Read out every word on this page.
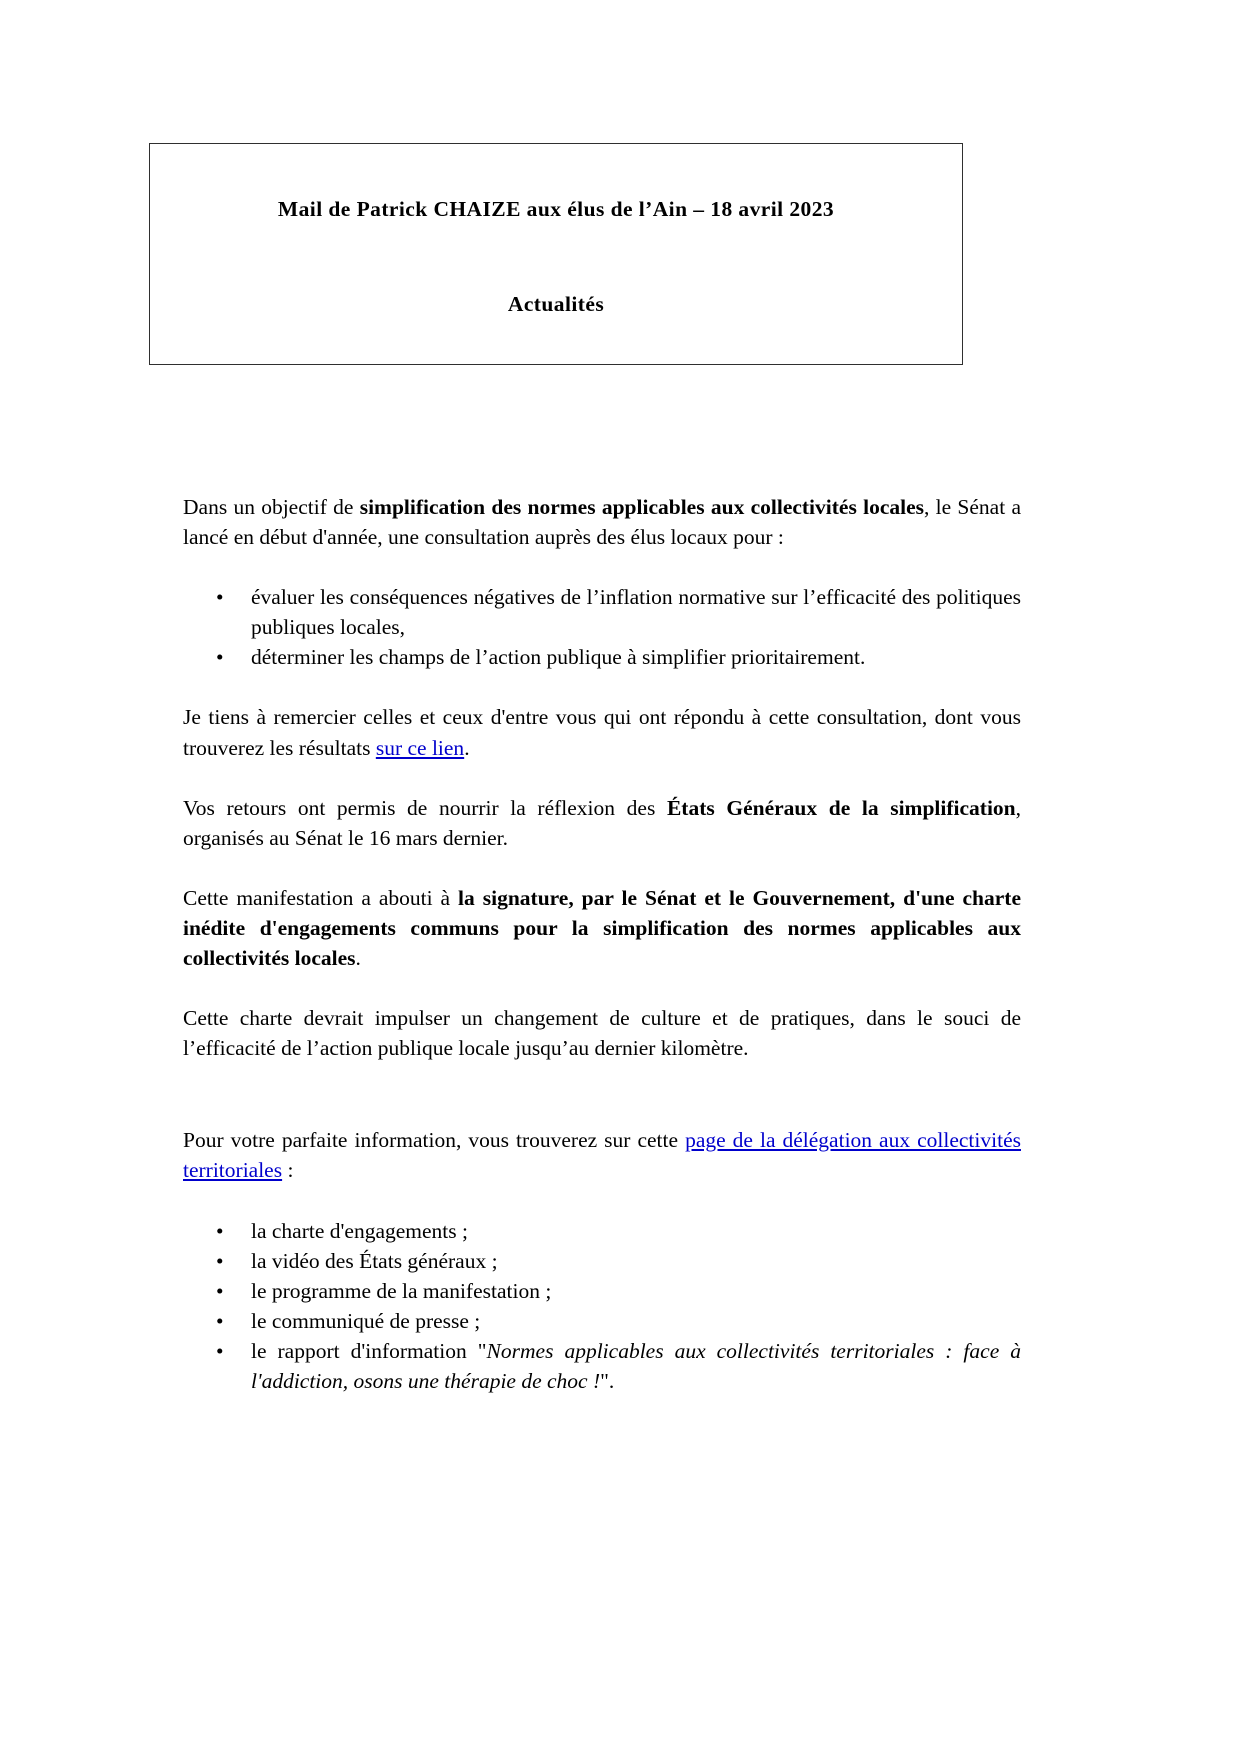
Mail de Patrick CHAIZE aux élus de l’Ain – 18 avril 2023
Actualités

Dans un objectif de simplification des normes applicables aux collectivités locales, le Sénat a lancé en début d'année, une consultation auprès des élus locaux pour :

• évaluer les conséquences négatives de l’inflation normative sur l’efficacité des politiques publiques locales,
• déterminer les champs de l’action publique à simplifier prioritairement.

Je tiens à remercier celles et ceux d'entre vous qui ont répondu à cette consultation, dont vous trouverez les résultats sur ce lien.

Vos retours ont permis de nourrir la réflexion des États Généraux de la simplification, organisés au Sénat le 16 mars dernier.

Cette manifestation a abouti à la signature, par le Sénat et le Gouvernement, d'une charte inédite d'engagements communs pour la simplification des normes applicables aux collectivités locales.

Cette charte devrait impulser un changement de culture et de pratiques, dans le souci de l’efficacité de l’action publique locale jusqu’au dernier kilomètre.

Pour votre parfaite information, vous trouverez sur cette page de la délégation aux collectivités territoriales :

• la charte d'engagements ;
• la vidéo des États généraux ;
• le programme de la manifestation ;
• le communiqué de presse ;
• le rapport d'information "Normes applicables aux collectivités territoriales : face à l'addiction, osons une thérapie de choc !".
